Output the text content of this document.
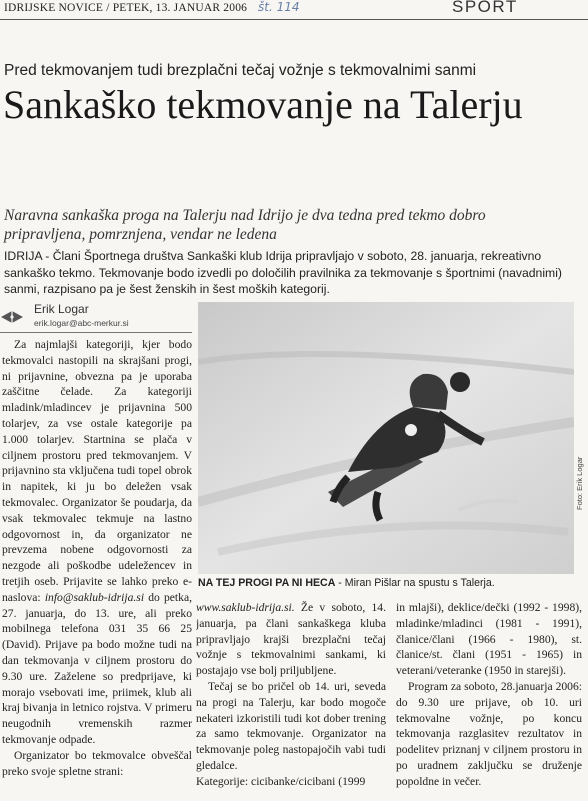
IDRIJSKE NOVICE / PETEK, 13. JANUAR 2006 št. 114	SPORT
Pred tekmovanjem tudi brezplačni tečaj vožnje s tekmovalnimi sanmi
Sankaško tekmovanje na Talerju
Naravna sankaška proga na Talerju nad Idrijo je dva tedna pred tekmo dobro pripravljena, pomrznjena, vendar ne ledena
IDRIJA - Člani Športnega društva Sankaški klub Idrija pripravljajo v soboto, 28. januarja, rekreativno sankaško tekmo. Tekmovanje bodo izvedli po določilih pravilnika za tekmovanje s športnimi (navadnimi) sanmi, razpisano pa je šest ženskih in šest moških kategorij.
Erik Logar
erik.logar@abc-merkur.si

Za najmlajši kategoriji, kjer bodo tekmovalci nastopili na skrajšani progi, ni prijavnine, obvezna pa je uporaba zaščitne čelade. Za kategoriji mladink/mladincev je prijavnina 500 tolarjev, za vse ostale kategorije pa 1.000 tolarjev. Startnina se plača v ciljnem prostoru pred tekmovanjem. V prijavnino sta vključena tudi topel obrok in napitek, ki ju bo deležen vsak tekmovalec. Organizator še poudarja, da vsak tekmovalec tekmuje na lastno odgovornost in, da organizator ne prevzema nobene odgovornosti za nezgode ali poškodbe udeležencev in tretjih oseb. Prijavite se lahko preko e-naslova: info@saklub-idrija.si do petka, 27. januarja, do 13. ure, ali preko mobilnega telefona 031 35 66 25 (David). Prijave pa bodo možne tudi na dan tekmovanja v ciljnem prostoru do 9.30 ure. Zaželene so predprijave, ki morajo vsebovati ime, priimek, klub ali kraj bivanja in letnico rojstva. V primeru neugodnih vremenskih razmer tekmovanje odpade.

Organizator bo tekmovalce obveščal preko svoje spletne strani:

Foto: Erik Logar
NA TEJ PROGI PA NI HECA - Miran Pišlar na spustu s Talerja.

www.saklub-idrija.si. Že v soboto, 14. januarja, pa člani sankaškega kluba pripravljajo krajši brezplačni tečaj vožnje s tekmovalnimi sankami, ki postajajo vse bolj priljubljene.

Tečaj se bo pričel ob 14. uri, seveda na progi na Talerju, kar bodo mogoče nekateri izkoristili tudi kot dober trening za samo tekmovanje. Organizator na tekmovanje poleg nastopajočih vabi tudi gledalce.

Kategorije: cicibanke/cicibani (1999

in mlajši), deklice/dečki (1992 - 1998), mladinke/mladinci (1981 - 1991), članice/člani (1966 - 1980), st. članice/st. člani (1951 - 1965) in veterani/veteranke (1950 in starejši).

Program za soboto, 28.januarja 2006: do 9.30 ure prijave, ob 10. uri tekmovalne vožnje, po koncu tekmovanja razglasitev rezultatov in podelitev priznanj v ciljnem prostoru in po uradnem zaključku se druženje popoldne in večer.
